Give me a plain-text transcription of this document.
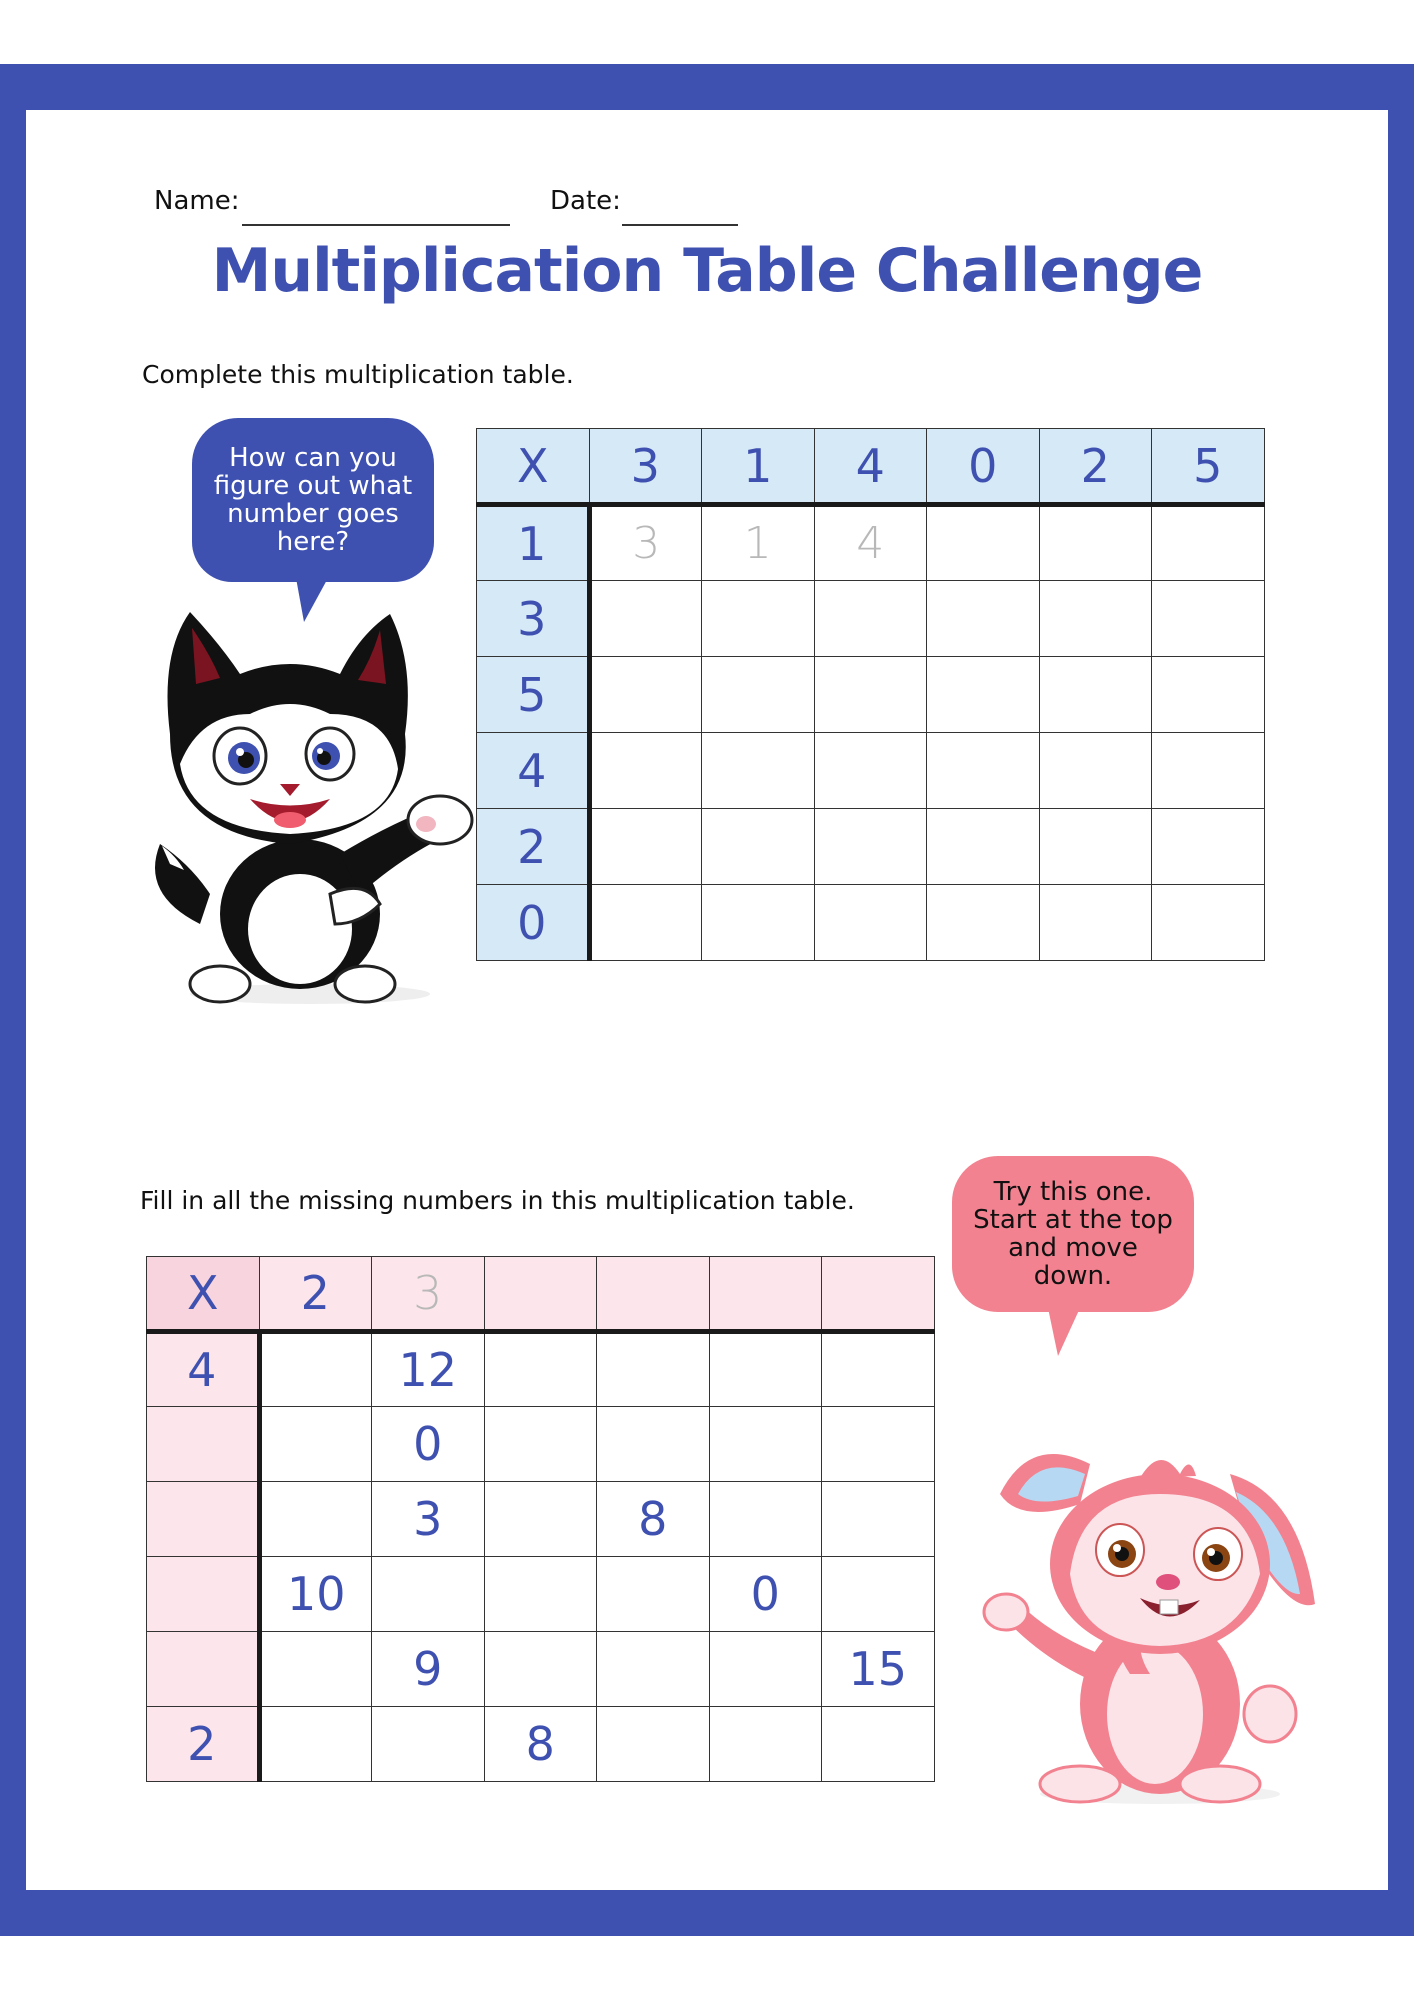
Name:	Date:
Multiplication Table Challenge
Complete this multiplication table.
How can you figure out what number goes here?
X	3	1	4	0	2	5
1	3	1	4			
3						
5						
4						
2						
0						
Fill in all the missing numbers in this multiplication table.	Try this one. Start at the top and move down.
X	2	3				
4		12				
		0				
		3		8		
	10				0	
		9				15
2			8			
